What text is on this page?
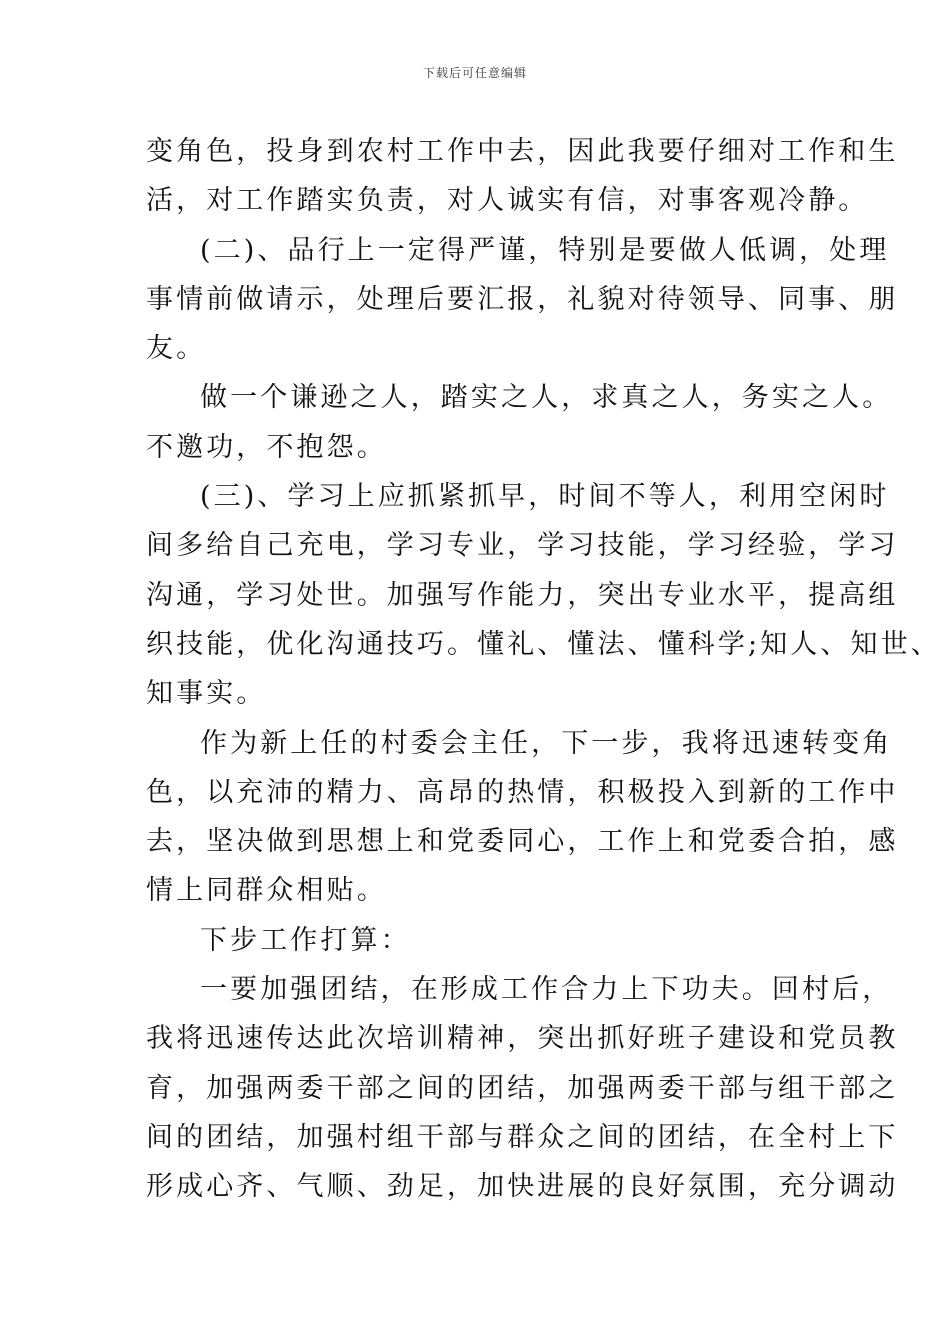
下载后可任意编辑
变角色，投身到农村工作中去，因此我要仔细对工作和生
活，对工作踏实负责，对人诚实有信，对事客观冷静。
(二)、品行上一定得严谨，特别是要做人低调，处理
事情前做请示，处理后要汇报，礼貌对待领导、同事、朋
友。
做一个谦逊之人，踏实之人，求真之人，务实之人。
不邀功，不抱怨。
(三)、学习上应抓紧抓早，时间不等人，利用空闲时
间多给自己充电，学习专业，学习技能，学习经验，学习
沟通，学习处世。加强写作能力，突出专业水平，提高组
织技能，优化沟通技巧。懂礼、懂法、懂科学;知人、知世、
知事实。
作为新上任的村委会主任，下一步，我将迅速转变角
色，以充沛的精力、高昂的热情，积极投入到新的工作中
去，坚决做到思想上和党委同心，工作上和党委合拍，感
情上同群众相贴。
下步工作打算：
一要加强团结，在形成工作合力上下功夫。回村后，
我将迅速传达此次培训精神，突出抓好班子建设和党员教
育，加强两委干部之间的团结，加强两委干部与组干部之
间的团结，加强村组干部与群众之间的团结，在全村上下
形成心齐、气顺、劲足，加快进展的良好氛围，充分调动
